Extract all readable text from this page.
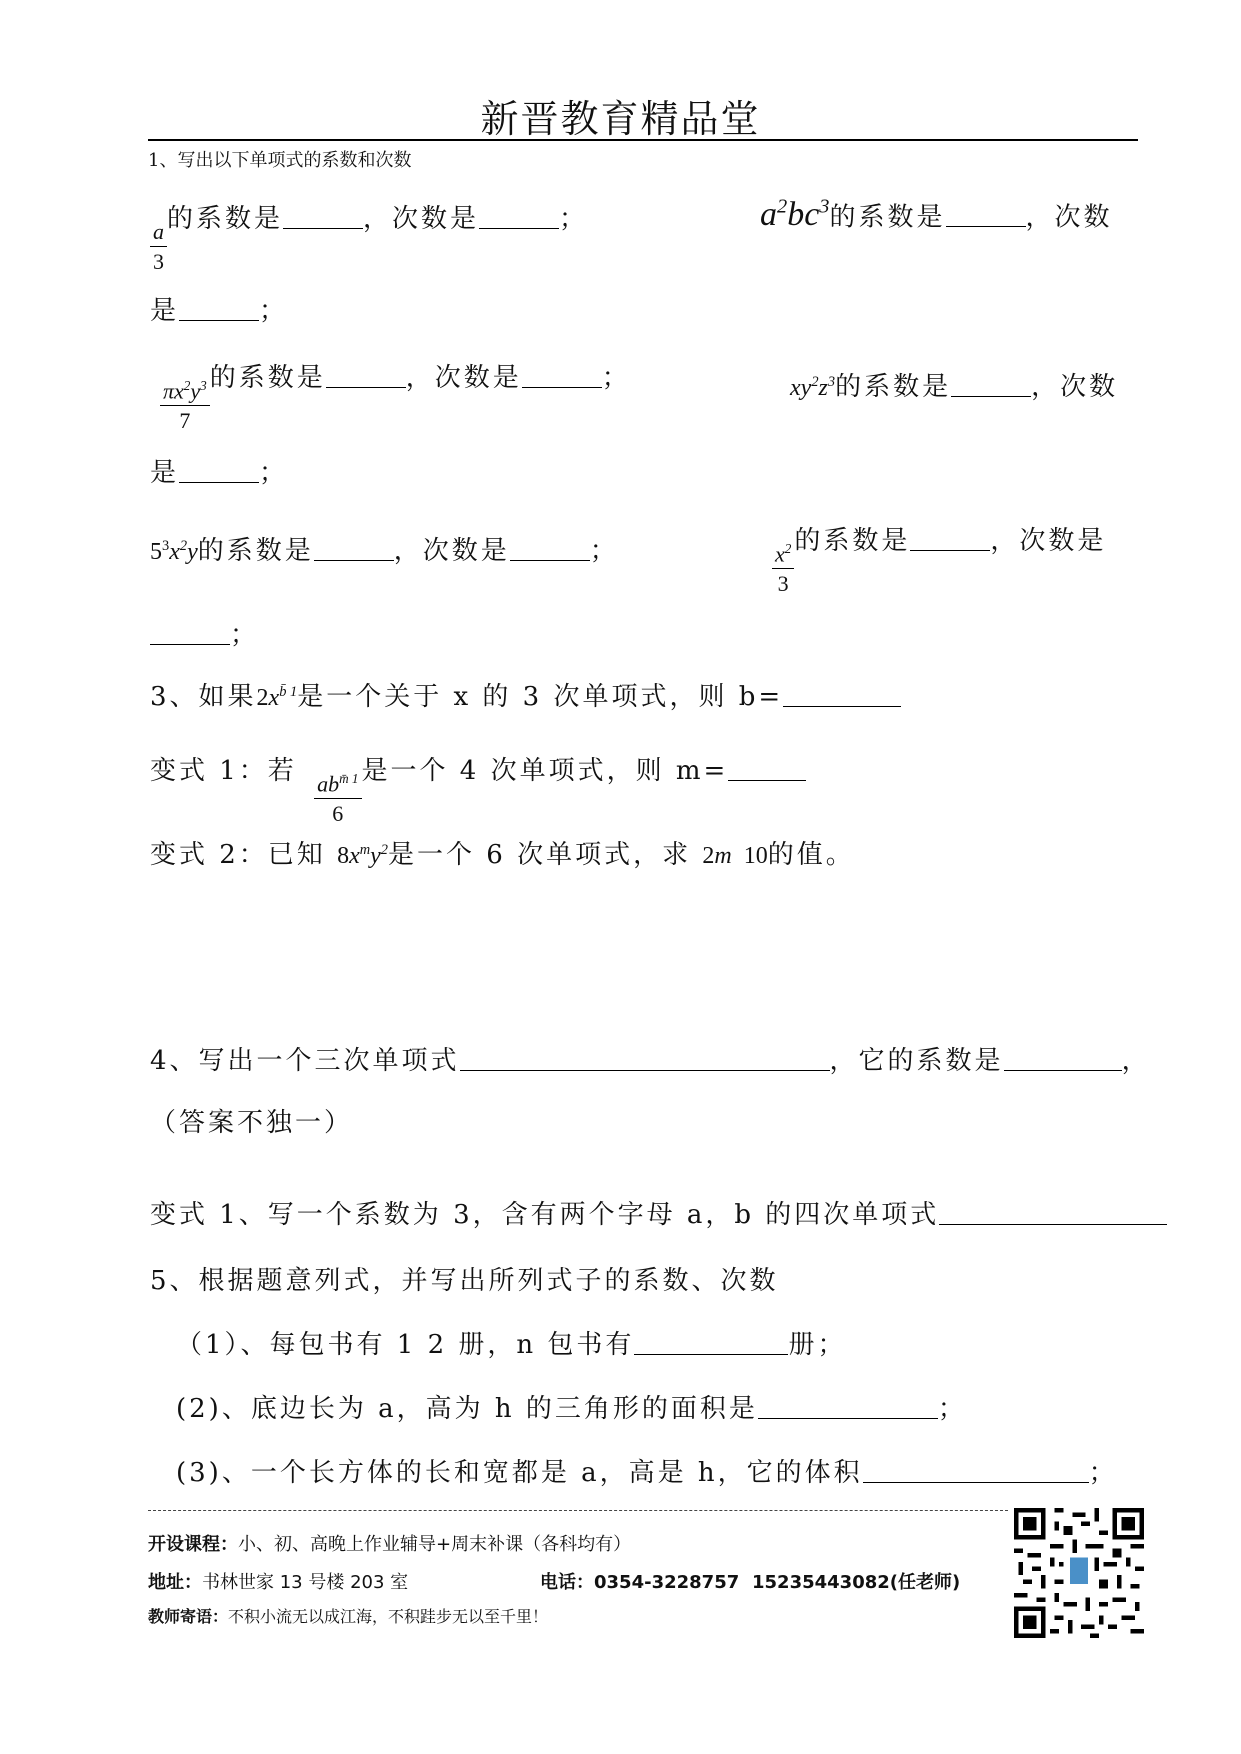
新晋教育精品堂
1、写出以下单项式的系数和次数
$\frac{a}{3}$
的系数是	，次数是	；	$a^2bc^3$的系数是	，次数
是	；
$\frac{\pi x^2y^3}{7}$
的系数是	，次数是	；	$xy^2z^3$的系数是	，次数
是	；
$5^3x^2y$的系数是	，次数是	；	$\frac{x^2}{3}$
的系数是	，次数是
；
3、如果$2x^{b̄ 1}$是一个关于 x 的 3 次单项式，则 b=
变式 1：若
$\frac{ab^{m̄ 1}}{6}$
是一个 4 次单项式，则 m=
变式 2：已知 $8x^my^2$是一个 6 次单项式，求 2m  10的值。
4、写出一个三次单项式	，它的系数是	，
（答案不独一）
变式 1、写一个系数为 3，含有两个字母 a，b 的四次单项式
5、根据题意列式，并写出所列式子的系数、次数
（1）、每包书有 1 2 册，n 包书有	册；
(2)、底边长为 a，高为 h 的三角形的面积是	；
(3)、一个长方体的长和宽都是 a，高是 h，它的体积	；
开设课程：小、初、高晚上作业辅导+周末补课（各科均有）
地址：书林世家 13 号楼 203 室	电话：0354-3228757 15235443082(任老师)
教师寄语：不积小流无以成江海，不积跬步无以至千里！
